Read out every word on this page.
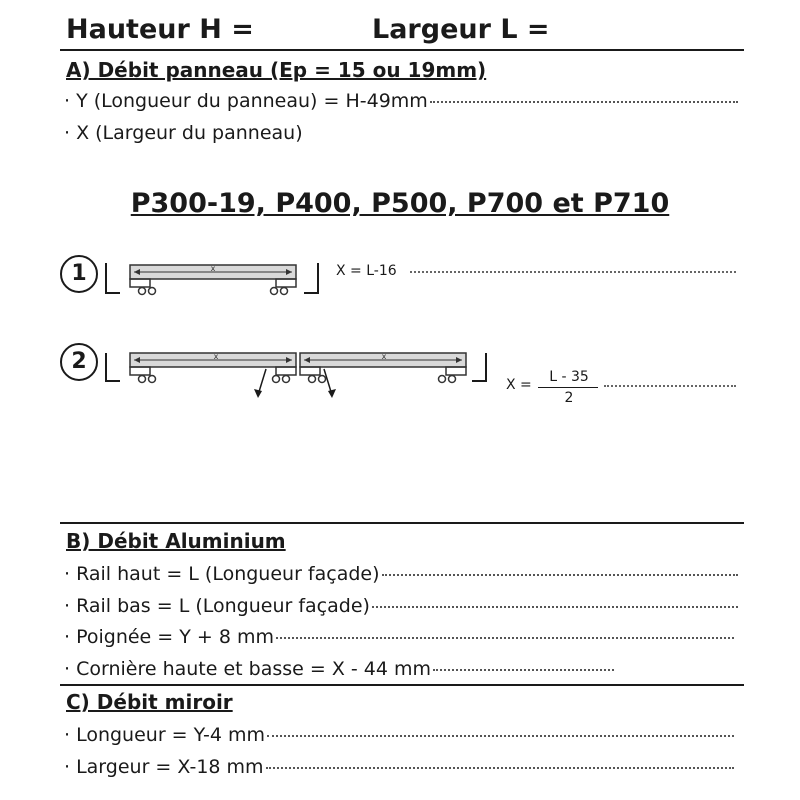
Hauteur H =	Largeur L =
A) Débit panneau (Ep = 15 ou 19mm)
· Y (Longueur du panneau) = H-49mm
· X (Largeur du panneau)
P300-19, P400, P500, P700 et P710
1	x	X = L-16
2	x	x
X =	L - 35
2
B) Débit Aluminium
· Rail haut = L (Longueur façade)
· Rail bas = L (Longueur façade)
· Poignée = Y + 8 mm
· Cornière haute et basse = X - 44 mm
C) Débit miroir
· Longueur = Y-4 mm
· Largeur = X-18 mm
